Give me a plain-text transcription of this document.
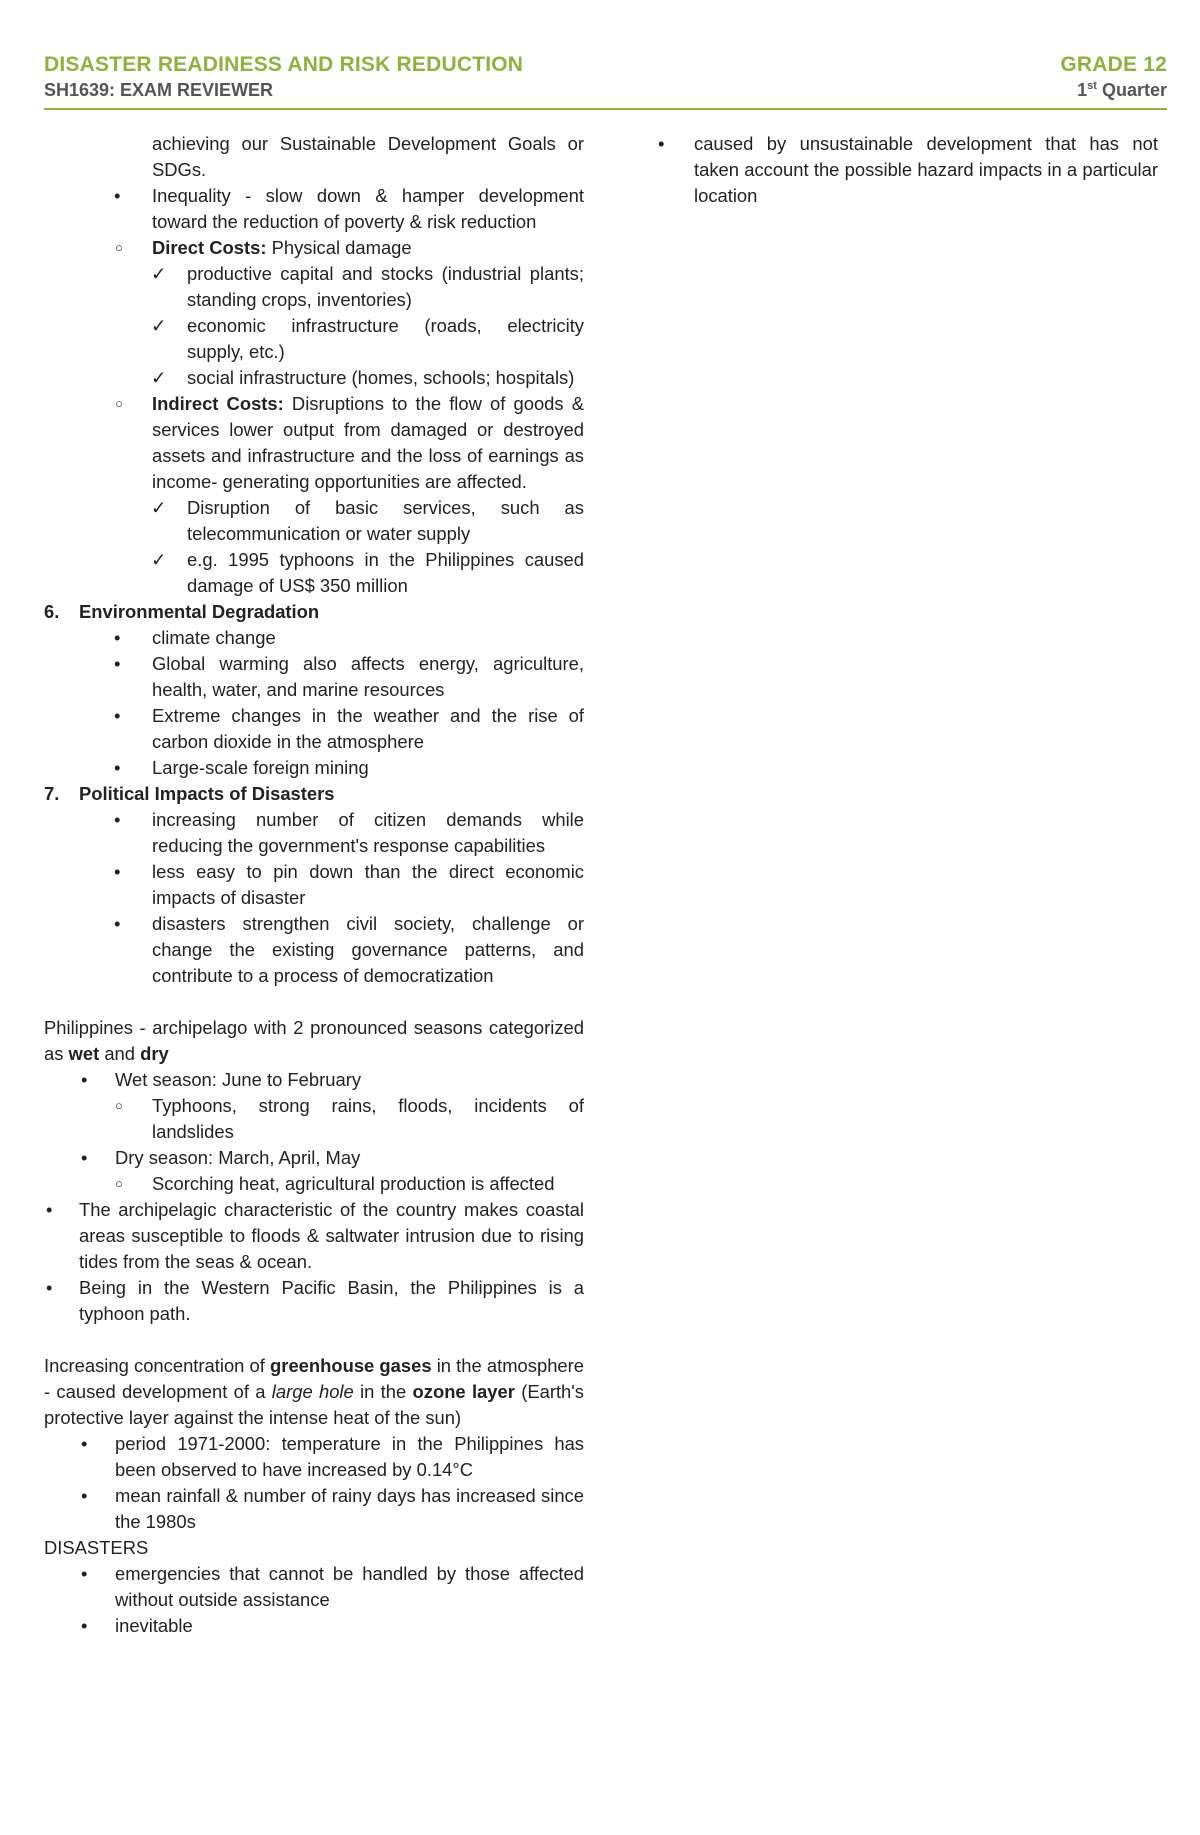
DISASTER READINESS AND RISK REDUCTION
SH1639: EXAM REVIEWER
GRADE 12
1st Quarter
achieving our Sustainable Development Goals or SDGs.
• Inequality - slow down & hamper development toward the reduction of poverty & risk reduction
○ Direct Costs: Physical damage
✓ productive capital and stocks (industrial plants; standing crops, inventories)
✓ economic infrastructure (roads, electricity supply, etc.)
✓ social infrastructure (homes, schools; hospitals)
○ Indirect Costs: Disruptions to the flow of goods & services lower output from damaged or destroyed assets and infrastructure and the loss of earnings as income- generating opportunities are affected.
✓ Disruption of basic services, such as telecommunication or water supply
✓ e.g. 1995 typhoons in the Philippines caused damage of US$ 350 million
6. Environmental Degradation
• climate change
• Global warming also affects energy, agriculture, health, water, and marine resources
• Extreme changes in the weather and the rise of carbon dioxide in the atmosphere
• Large-scale foreign mining
7. Political Impacts of Disasters
• increasing number of citizen demands while reducing the government's response capabilities
• less easy to pin down than the direct economic impacts of disaster
• disasters strengthen civil society, challenge or change the existing governance patterns, and contribute to a process of democratization
Philippines - archipelago with 2 pronounced seasons categorized as wet and dry
• Wet season: June to February
○ Typhoons, strong rains, floods, incidents of landslides
• Dry season: March, April, May
○ Scorching heat, agricultural production is affected
• The archipelagic characteristic of the country makes coastal areas susceptible to floods & saltwater intrusion due to rising tides from the seas & ocean.
• Being in the Western Pacific Basin, the Philippines is a typhoon path.
Increasing concentration of greenhouse gases in the atmosphere - caused development of a large hole in the ozone layer (Earth's protective layer against the intense heat of the sun)
• period 1971-2000: temperature in the Philippines has been observed to have increased by 0.14°C
• mean rainfall & number of rainy days has increased since the 1980s
DISASTERS
• emergencies that cannot be handled by those affected without outside assistance
• inevitable
• caused by unsustainable development that has not taken account the possible hazard impacts in a particular location
